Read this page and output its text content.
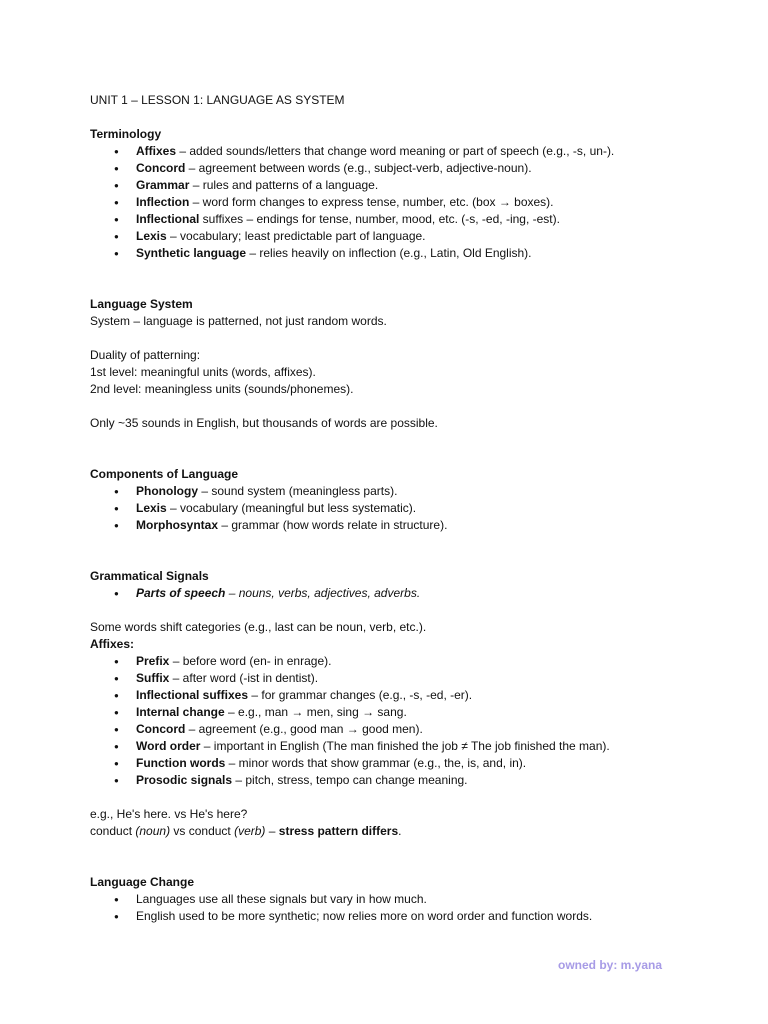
UNIT 1 – LESSON 1: LANGUAGE AS SYSTEM
Terminology
● Affixes – added sounds/letters that change word meaning or part of speech (e.g., -s, un-).
● Concord – agreement between words (e.g., subject-verb, adjective-noun).
● Grammar – rules and patterns of a language.
● Inflection – word form changes to express tense, number, etc. (box → boxes).
● Inflectional suffixes – endings for tense, number, mood, etc. (-s, -ed, -ing, -est).
● Lexis – vocabulary; least predictable part of language.
● Synthetic language – relies heavily on inflection (e.g., Latin, Old English).
Language System
System – language is patterned, not just random words.
Duality of patterning:
1st level: meaningful units (words, affixes).
2nd level: meaningless units (sounds/phonemes).
Only ~35 sounds in English, but thousands of words are possible.
Components of Language
● Phonology – sound system (meaningless parts).
● Lexis – vocabulary (meaningful but less systematic).
● Morphosyntax – grammar (how words relate in structure).
Grammatical Signals
● Parts of speech – nouns, verbs, adjectives, adverbs.
Some words shift categories (e.g., last can be noun, verb, etc.).
Affixes:
● Prefix – before word (en- in enrage).
● Suffix – after word (-ist in dentist).
● Inflectional suffixes – for grammar changes (e.g., -s, -ed, -er).
● Internal change – e.g., man → men, sing → sang.
● Concord – agreement (e.g., good man → good men).
● Word order – important in English (The man finished the job ≠ The job finished the man).
● Function words – minor words that show grammar (e.g., the, is, and, in).
● Prosodic signals – pitch, stress, tempo can change meaning.
e.g., He's here. vs He's here?
conduct (noun) vs conduct (verb) – stress pattern differs.
Language Change
● Languages use all these signals but vary in how much.
● English used to be more synthetic; now relies more on word order and function words.
owned by: m.yana
